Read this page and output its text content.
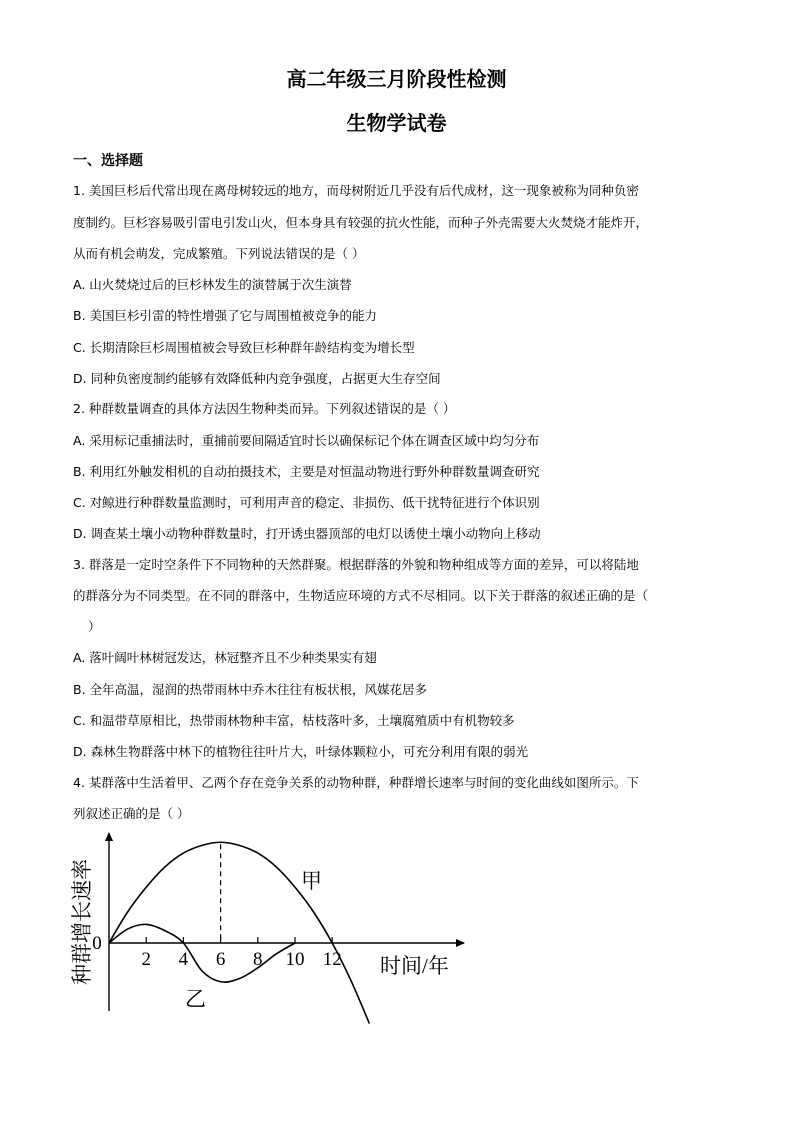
高二年级三月阶段性检测
生物学试卷
一、选择题
1. 美国巨杉后代常出现在离母树较远的地方，而母树附近几乎没有后代成材，这一现象被称为同种负密
度制约。巨杉容易吸引雷电引发山火，但本身具有较强的抗火性能，而种子外壳需要大火焚烧才能炸开，
从而有机会萌发，完成繁殖。下列说法错误的是（ ）
A. 山火焚烧过后的巨杉林发生的演替属于次生演替
B. 美国巨杉引雷的特性增强了它与周围植被竞争的能力
C. 长期清除巨杉周围植被会导致巨杉种群年龄结构变为增长型
D. 同种负密度制约能够有效降低种内竞争强度，占据更大生存空间
2. 种群数量调查的具体方法因生物种类而异。下列叙述错误的是（ ）
A. 采用标记重捕法时，重捕前要间隔适宜时长以确保标记个体在调查区域中均匀分布
B. 利用红外触发相机的自动拍摄技术，主要是对恒温动物进行野外种群数量调查研究
C. 对鲸进行种群数量监测时，可利用声音的稳定、非损伤、低干扰特征进行个体识别
D. 调查某土壤小动物种群数量时，打开诱虫器顶部的电灯以诱使土壤小动物向上移动
3. 群落是一定时空条件下不同物种的天然群聚。根据群落的外貌和物种组成等方面的差异，可以将陆地
的群落分为不同类型。在不同的群落中，生物适应环境的方式不尽相同。以下关于群落的叙述正确的是（
）
A. 落叶阔叶林树冠发达，林冠整齐且不少种类果实有翅
B. 全年高温，湿润的热带雨林中乔木往往有板状根，风媒花居多
C. 和温带草原相比，热带雨林物种丰富，枯枝落叶多，土壤腐殖质中有机物较多
D. 森林生物群落中林下的植物往往叶片大，叶绿体颗粒小，可充分利用有限的弱光
4. 某群落中生活着甲、乙两个存在竞争关系的动物种群，种群增长速率与时间的变化曲线如图所示。下
列叙述正确的是（ ）
2 4 6 8 10 12
0
种群增长速率	时间/年
甲
乙
